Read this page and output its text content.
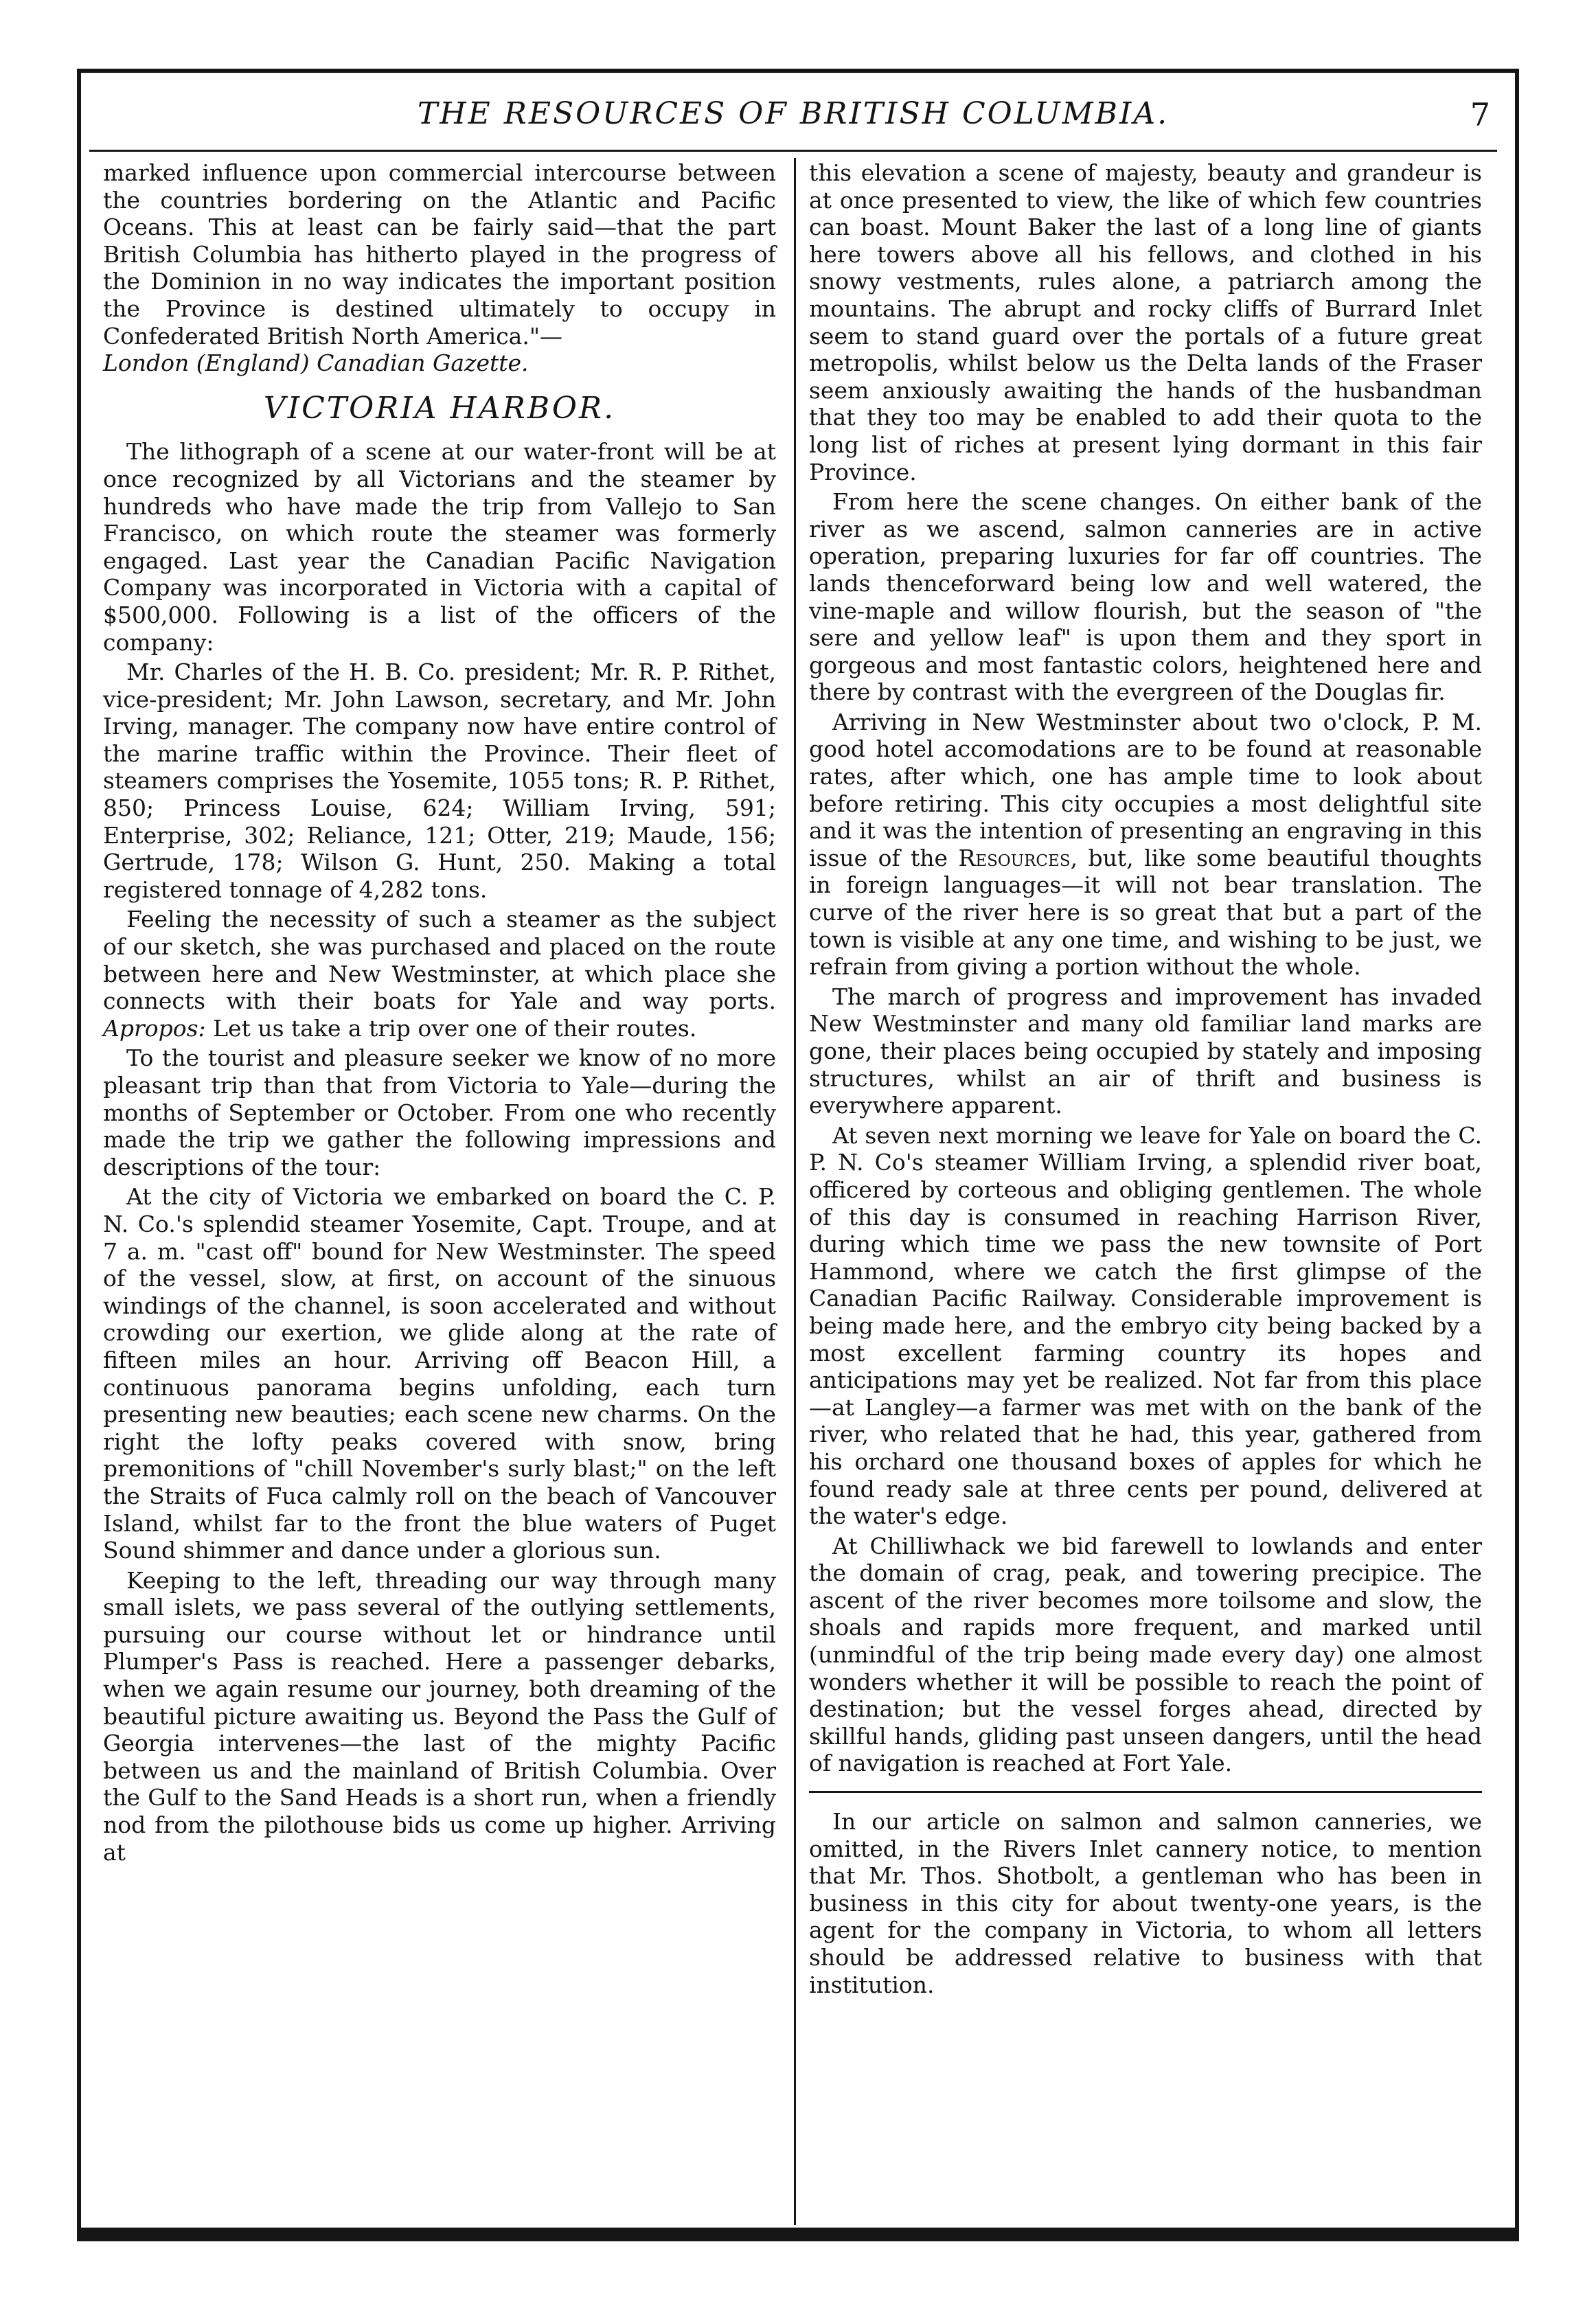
THE RESOURCES OF BRITISH COLUMBIA.	7

marked influence upon commercial intercourse between the countries bordering on the Atlantic and Pacific Oceans. This at least can be fairly said—that the part British Columbia has hitherto played in the progress of the Dominion in no way indicates the important position the Province is destined ultimately to occupy in Confederated British North America."—
London (England) Canadian Gazette.

VICTORIA HARBOR.

The lithograph of a scene at our water-front will be at once recognized by all Victorians and the steamer by hundreds who have made the trip from Vallejo to San Francisco, on which route the steamer was formerly engaged. Last year the Canadian Pacific Navigation Company was incorporated in Victoria with a capital of $500,000. Following is a list of the officers of the company:

Mr. Charles of the H. B. Co. president; Mr. R. P. Rithet, vice-president; Mr. John Lawson, secretary, and Mr. John Irving, manager. The company now have entire control of the marine traffic within the Province. Their fleet of steamers comprises the Yosemite, 1055 tons; R. P. Rithet, 850; Princess Louise, 624; William Irving, 591; Enterprise, 302; Reliance, 121; Otter, 219; Maude, 156; Gertrude, 178; Wilson G. Hunt, 250. Making a total registered tonnage of 4,282 tons.

Feeling the necessity of such a steamer as the subject of our sketch, she was purchased and placed on the route between here and New Westminster, at which place she connects with their boats for Yale and way ports. Apropos: Let us take a trip over one of their routes.

To the tourist and pleasure seeker we know of no more pleasant trip than that from Victoria to Yale—during the months of September or October. From one who recently made the trip we gather the following impressions and descriptions of the tour:

At the city of Victoria we embarked on board the C. P. N. Co.'s splendid steamer Yosemite, Capt. Troupe, and at 7 a. m. "cast off" bound for New Westminster. The speed of the vessel, slow, at first, on account of the sinuous windings of the channel, is soon accelerated and without crowding our exertion, we glide along at the rate of fifteen miles an hour. Arriving off Beacon Hill, a continuous panorama begins unfolding, each turn presenting new beauties; each scene new charms. On the right the lofty peaks covered with snow, bring premonitions of "chill November's surly blast;" on the left the Straits of Fuca calmly roll on the beach of Vancouver Island, whilst far to the front the blue waters of Puget Sound shimmer and dance under a glorious sun.

Keeping to the left, threading our way through many small islets, we pass several of the outlying settlements, pursuing our course without let or hindrance until Plumper's Pass is reached. Here a passenger debarks, when we again resume our journey, both dreaming of the beautiful picture awaiting us. Beyond the Pass the Gulf of Georgia intervenes—the last of the mighty Pacific between us and the mainland of British Columbia. Over the Gulf to the Sand Heads is a short run, when a friendly nod from the pilothouse bids us come up higher. Arriving at

this elevation a scene of majesty, beauty and grandeur is at once presented to view, the like of which few countries can boast. Mount Baker the last of a long line of giants here towers above all his fellows, and clothed in his snowy vestments, rules alone, a patriarch among the mountains. The abrupt and rocky cliffs of Burrard Inlet seem to stand guard over the portals of a future great metropolis, whilst below us the Delta lands of the Fraser seem anxiously awaiting the hands of the husbandman that they too may be enabled to add their quota to the long list of riches at present lying dormant in this fair Province.

From here the scene changes. On either bank of the river as we ascend, salmon canneries are in active operation, preparing luxuries for far off countries. The lands thenceforward being low and well watered, the vine-maple and willow flourish, but the season of "the sere and yellow leaf" is upon them and they sport in gorgeous and most fantastic colors, heightened here and there by contrast with the evergreen of the Douglas fir.

Arriving in New Westminster about two o'clock, P. M. good hotel accomodations are to be found at reasonable rates, after which, one has ample time to look about before retiring. This city occupies a most delightful site and it was the intention of presenting an engraving in this issue of the Resources, but, like some beautiful thoughts in foreign languages—it will not bear translation. The curve of the river here is so great that but a part of the town is visible at any one time, and wishing to be just, we refrain from giving a portion without the whole.

The march of progress and improvement has invaded New Westminster and many old familiar land marks are gone, their places being occupied by stately and imposing structures, whilst an air of thrift and business is everywhere apparent.

At seven next morning we leave for Yale on board the C. P. N. Co's steamer William Irving, a splendid river boat, officered by corteous and obliging gentlemen. The whole of this day is consumed in reaching Harrison River, during which time we pass the new townsite of Port Hammond, where we catch the first glimpse of the Canadian Pacific Railway. Considerable improvement is being made here, and the embryo city being backed by a most excellent farming country its hopes and anticipations may yet be realized. Not far from this place—at Langley—a farmer was met with on the bank of the river, who related that he had, this year, gathered from his orchard one thousand boxes of apples for which he found ready sale at three cents per pound, delivered at the water's edge.

At Chilliwhack we bid farewell to lowlands and enter the domain of crag, peak, and towering precipice. The ascent of the river becomes more toilsome and slow, the shoals and rapids more frequent, and marked until (unmindful of the trip being made every day) one almost wonders whether it will be possible to reach the point of destination; but the vessel forges ahead, directed by skillful hands, gliding past unseen dangers, until the head of navigation is reached at Fort Yale.

In our article on salmon and salmon canneries, we omitted, in the Rivers Inlet cannery notice, to mention that Mr. Thos. Shotbolt, a gentleman who has been in business in this city for about twenty-one years, is the agent for the company in Victoria, to whom all letters should be addressed relative to business with that institution.
